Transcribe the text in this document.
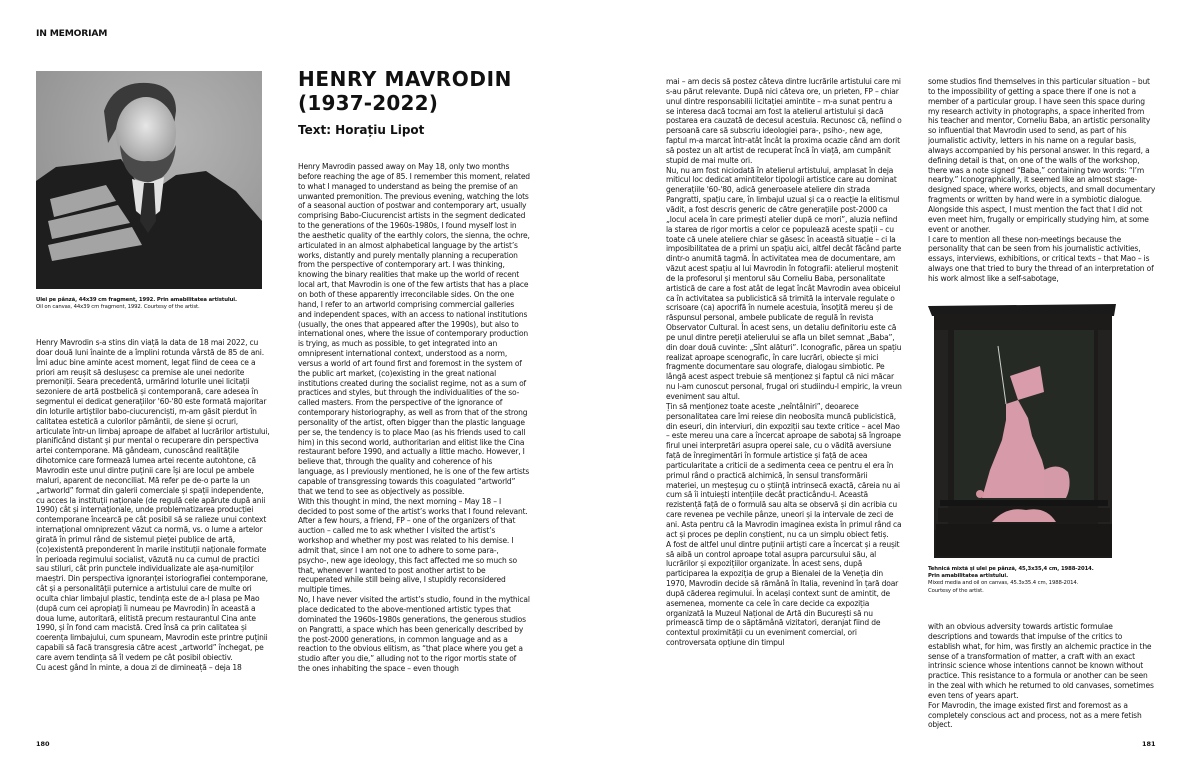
IN MEMORIAM
Ulei pe pânză, 44x39 cm fragment, 1992. Prin amabilitatea artistului.
Oil on canvas, 44x39 cm fragment, 1992. Courtesy of the artist.
HENRY MAVRODIN
(1937-2022)
Text: Horațiu Lipot

Henry Mavrodin s-a stins din viață la data de 18 mai 2022, cu doar două luni înainte de a împlini rotunda vârstă de 85 de ani. Îmi aduc bine aminte acest moment, legat fiind de ceea ce a priori am reușit să deslușesc ca premise ale unei nedorite premoniții. Seara precedentă, urmărind loturile unei licitații sezoniere de artă postbelică și contemporană, care adesea în segmentul ei dedicat generațiilor '60-'80 este formată majoritar din loturile artiștilor babo-ciucurenciști, m-am găsit pierdut în calitatea estetică a culorilor pământii, de siene și ocruri, articulate într-un limbaj aproape de alfabet al lucrărilor artistului, planificând distant și pur mental o recuperare din perspectiva artei contemporane. Mă gândeam, cunoscând realitățile dihotomice care formează lumea artei recente autohtone, că Mavrodin este unul dintre puținii care își are locul pe ambele maluri, aparent de neconciliat. Mă refer pe de-o parte la un „artworld” format din galerii comerciale și spații independente, cu acces la instituții naționale (de regulă cele apărute după anii 1990) cât și internaționale, unde problematizarea producției contemporane încearcă pe cât posibil să se ralieze unui context internațional omniprezent văzut ca normă, vs. o lume a artelor girată în primul rând de sistemul pieței publice de artă, (co)existentă preponderent în marile instituții naționale formate în perioada regimului socialist, văzută nu ca cumul de practici sau stiluri, cât prin punctele individualizate ale așa-numiților maeștri. Din perspectiva ignoranței istoriografiei contemporane, cât și a personalității puternice a artistului care de multe ori oculta chiar limbajul plastic, tendința este de a-l plasa pe Mao (după cum cei apropiați îi numeau pe Mavrodin) în această a doua lume, autoritară, elitistă precum restaurantul Cina ante 1990, și în fond cam macistă. Cred însă ca prin calitatea și coerența limbajului, cum spuneam, Mavrodin este printre puținii capabili să facă transgresia către acest „artworld” închegat, pe care avem tendința să îl vedem pe cât posibil obiectiv.

Cu acest gând în minte, a doua zi de dimineață – deja 18

Henry Mavrodin passed away on May 18, only two months before reaching the age of 85. I remember this moment, related to what I managed to understand as being the premise of an unwanted premonition. The previous evening, watching the lots of a seasonal auction of postwar and contemporary art, usually comprising Babo-Ciucurencist artists in the segment dedicated to the generations of the 1960s-1980s, I found myself lost in the aesthetic quality of the earthly colors, the sienna, the ochre, articulated in an almost alphabetical language by the artist’s works, distantly and purely mentally planning a recuperation from the perspective of contemporary art. I was thinking, knowing the binary realities that make up the world of recent local art, that Mavrodin is one of the few artists that has a place on both of these apparently irreconcilable sides. On the one hand, I refer to an artworld comprising commercial galleries and independent spaces, with an access to national institutions (usually, the ones that appeared after the 1990s), but also to international ones, where the issue of contemporary production is trying, as much as possible, to get integrated into an omnipresent international context, understood as a norm, versus a world of art found first and foremost in the system of the public art market, (co)existing in the great national institutions created during the socialist regime, not as a sum of practices and styles, but through the individualities of the so-called masters. From the perspective of the ignorance of contemporary historiography, as well as from that of the strong personality of the artist, often bigger than the plastic language per se, the tendency is to place Mao (as his friends used to call him) in this second world, authoritarian and elitist like the Cina restaurant before 1990, and actually a little macho. However, I believe that, through the quality and coherence of his language, as I previously mentioned, he is one of the few artists capable of transgressing towards this coagulated “artworld” that we tend to see as objectively as possible.

With this thought in mind, the next morning – May 18 – I decided to post some of the artist’s works that I found relevant. After a few hours, a friend, FP – one of the organizers of that auction – called me to ask whether I visited the artist’s workshop and whether my post was related to his demise. I admit that, since I am not one to adhere to some para-, psycho-, new age ideology, this fact affected me so much so that, whenever I wanted to post another artist to be recuperated while still being alive, I stupidly reconsidered multiple times.

No, I have never visited the artist’s studio, found in the mythical place dedicated to the above-mentioned artistic types that dominated the 1960s-1980s generations, the generous studios on Pangratti, a space which has been generically described by the post-2000 generations, in common language and as a reaction to the obvious elitism, as “that place where you get a studio after you die,” alluding not to the rigor mortis state of the ones inhabiting the space – even though

mai – am decis să postez câteva dintre lucrările artistului care mi s-au părut relevante. După nici câteva ore, un prieten, FP – chiar unul dintre responsabilii licitației amintite – m-a sunat pentru a se interesa dacă tocmai am fost la atelierul artistului și dacă postarea era cauzată de decesul acestuia. Recunosc că, nefiind o persoană care să subscriu ideologiei para-, psiho-, new age, faptul m-a marcat într-atât încât la proxima ocazie când am dorit să postez un alt artist de recuperat încă în viață, am cumpănit stupid de mai multe ori.

Nu, nu am fost niciodată în atelierul artistului, amplasat în deja miticul loc dedicat amintitelor tipologii artistice care au dominat generațiile '60-'80, adică generoasele ateliere din strada Pangratti, spațiu care, în limbajul uzual și ca o reacție la elitismul vădit, a fost descris generic de către generațiile post-2000 ca „locul acela în care primești atelier după ce mori”, aluzia nefiind la starea de rigor mortis a celor ce populează aceste spații – cu toate că unele ateliere chiar se găsesc în această situație – ci la imposibilitatea de a primi un spațiu aici, altfel decât făcând parte dintr-o anumită tagmă. În activitatea mea de documentare, am văzut acest spațiu al lui Mavrodin în fotografii: atelierul moștenit de la profesorul și mentorul său Corneliu Baba, personalitate artistică de care a fost atât de legat încât Mavrodin avea obiceiul ca în activitatea sa publicistică să trimită la intervale regulate o scrisoare (ca) apocrifă în numele acestuia, însoțită mereu și de răspunsul personal, ambele publicate de regulă în revista Observator Cultural. În acest sens, un detaliu definitoriu este că pe unul dintre pereții atelierului se afla un bilet semnat „Baba”, din doar două cuvinte: „Sînt alături”. Iconografic, părea un spațiu realizat aproape scenografic, în care lucrări, obiecte și mici fragmente documentare sau olografe, dialogau simbiotic. Pe lângă acest aspect trebuie să menționez și faptul că nici măcar nu l-am cunoscut personal, frugal ori studiindu-l empiric, la vreun eveniment sau altul.

Țin să menționez toate aceste „neîntâlniri”, deoarece personalitatea care îmi reiese din neobosita muncă publicistică, din eseuri, din interviuri, din expoziții sau texte critice – acel Mao – este mereu una care a încercat aproape de sabotaj să îngroape firul unei interpretări asupra operei sale, cu o vădită aversiune față de înregimentări în formule artistice și față de acea particularitate a criticii de a sedimenta ceea ce pentru el era în primul rând o practică alchimică, în sensul transformării materiei, un meșteșug cu o știință intrinsecă exactă, căreia nu ai cum să îi intuiești intențiile decât practicându-l. Această rezistență față de o formulă sau alta se observă și din acribia cu care revenea pe vechile pânze, uneori și la intervale de zeci de ani. Asta pentru că la Mavrodin imaginea exista în primul rând ca act și proces pe deplin conștient, nu ca un simplu obiect fetiș.

A fost de altfel unul dintre puținii artiști care a încercat și a reușit să aibă un control aproape total asupra parcursului său, al lucrărilor și expozițiilor organizate. În acest sens, după participarea la expoziția de grup a Bienalei de la Veneția din 1970, Mavrodin decide să rămână în Italia, revenind în țară doar după căderea regimului. În același context sunt de amintit, de asemenea, momente ca cele în care decide ca expoziția organizată la Muzeul Național de Artă din București să nu primească timp de o săptămână vizitatori, deranjat fiind de contextul proximității cu un eveniment comercial, ori controversata opțiune din timpul

some studios find themselves in this particular situation – but to the impossibility of getting a space there if one is not a member of a particular group. I have seen this space during my research activity in photographs, a space inherited from his teacher and mentor, Corneliu Baba, an artistic personality so influential that Mavrodin used to send, as part of his journalistic activity, letters in his name on a regular basis, always accompanied by his personal answer. In this regard, a defining detail is that, on one of the walls of the workshop, there was a note signed “Baba,” containing two words: “I’m nearby.” Iconographically, it seemed like an almost stage-designed space, where works, objects, and small documentary fragments or written by hand were in a symbiotic dialogue. Alongside this aspect, I must mention the fact that I did not even meet him, frugally or empirically studying him, at some event or another.

I care to mention all these non-meetings because the personality that can be seen from his journalistic activities, essays, interviews, exhibitions, or critical texts – that Mao – is always one that tried to bury the thread of an interpretation of his work almost like a self-sabotage,

Tehnică mixtă și ulei pe pânză, 45,3x35,4 cm, 1988-2014.
Prin amabilitatea artistului.
Mixed media and oil on canvas, 45.3x35.4 cm, 1988-2014.
Courtesy of the artist.

with an obvious adversity towards artistic formulae descriptions and towards that impulse of the critics to establish what, for him, was firstly an alchemic practice in the sense of a transformation of matter, a craft with an exact intrinsic science whose intentions cannot be known without practice. This resistance to a formula or another can be seen in the zeal with which he returned to old canvases, sometimes even tens of years apart.

For Mavrodin, the image existed first and foremost as a completely conscious act and process, not as a mere fetish object.

180	181
